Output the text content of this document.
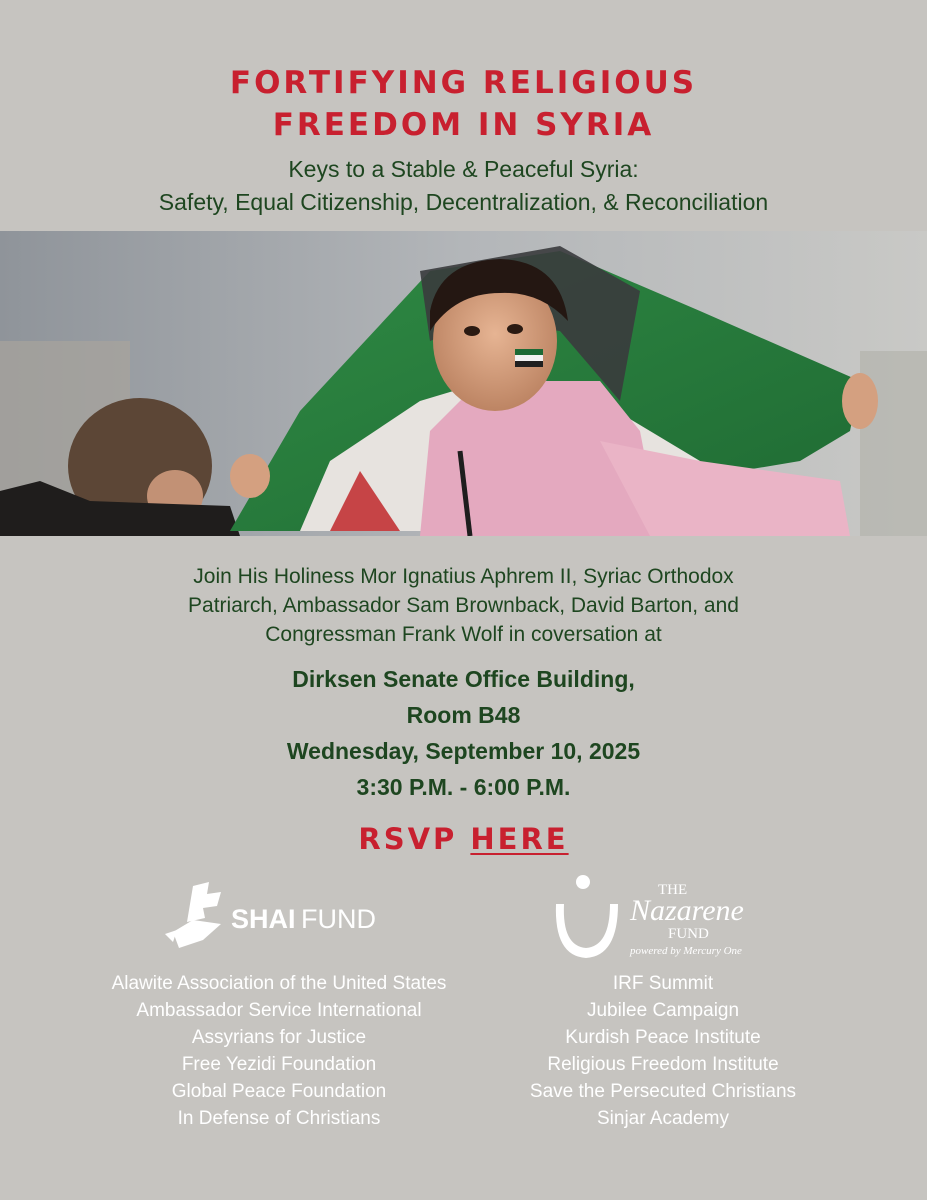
FORTIFYING RELIGIOUS
FREEDOM IN SYRIA
Keys to a Stable & Peaceful Syria:
Safety, Equal Citizenship, Decentralization, & Reconciliation
Join His Holiness Mor Ignatius Aphrem II, Syriac Orthodox
Patriarch, Ambassador Sam Brownback, David Barton, and
Congressman Frank Wolf in coversation at
Dirksen Senate Office Building,
Room B48
Wednesday, September 10, 2025
3:30 P.M. - 6:00 P.M.
RSVP HERE
SHAI FUND
THE
Nazarene
FUND
powered by Mercury One
Alawite Association of the United States
Ambassador Service International
Assyrians for Justice
Free Yezidi Foundation
Global Peace Foundation
In Defense of Christians
IRF Summit
Jubilee Campaign
Kurdish Peace Institute
Religious Freedom Institute
Save the Persecuted Christians
Sinjar Academy
